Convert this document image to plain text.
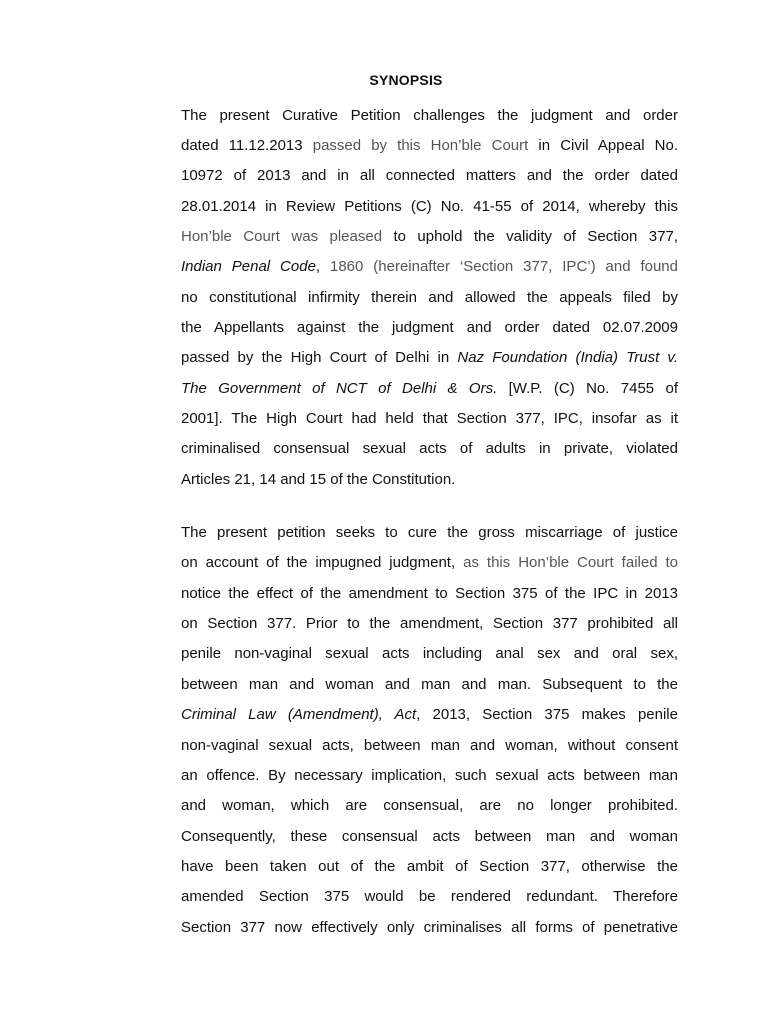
SYNOPSIS
The present Curative Petition challenges the judgment and order
dated 11.12.2013 passed by this Hon’ble Court in Civil Appeal No.
10972 of 2013 and in all connected matters and the order dated
28.01.2014 in Review Petitions (C) No. 41-55 of 2014, whereby this
Hon’ble Court was pleased to uphold the validity of Section 377,
Indian Penal Code, 1860 (hereinafter ‘Section 377, IPC’) and found
no constitutional infirmity therein and allowed the appeals filed by
the Appellants against the judgment and order dated 02.07.2009
passed by the High Court of Delhi in Naz Foundation (India) Trust v.
The Government of NCT of Delhi & Ors. [W.P. (C) No. 7455 of
2001]. The High Court had held that Section 377, IPC, insofar as it
criminalised consensual sexual acts of adults in private, violated
Articles 21, 14 and 15 of the Constitution.
The present petition seeks to cure the gross miscarriage of justice
on account of the impugned judgment, as this Hon’ble Court failed to
notice the effect of the amendment to Section 375 of the IPC in 2013
on Section 377. Prior to the amendment, Section 377 prohibited all
penile non-vaginal sexual acts including anal sex and oral sex,
between man and woman and man and man. Subsequent to the
Criminal Law (Amendment), Act, 2013, Section 375 makes penile
non-vaginal sexual acts, between man and woman, without consent
an offence. By necessary implication, such sexual acts between man
and woman, which are consensual, are no longer prohibited.
Consequently, these consensual acts between man and woman
have been taken out of the ambit of Section 377, otherwise the
amended Section 375 would be rendered redundant. Therefore
Section 377 now effectively only criminalises all forms of penetrative
